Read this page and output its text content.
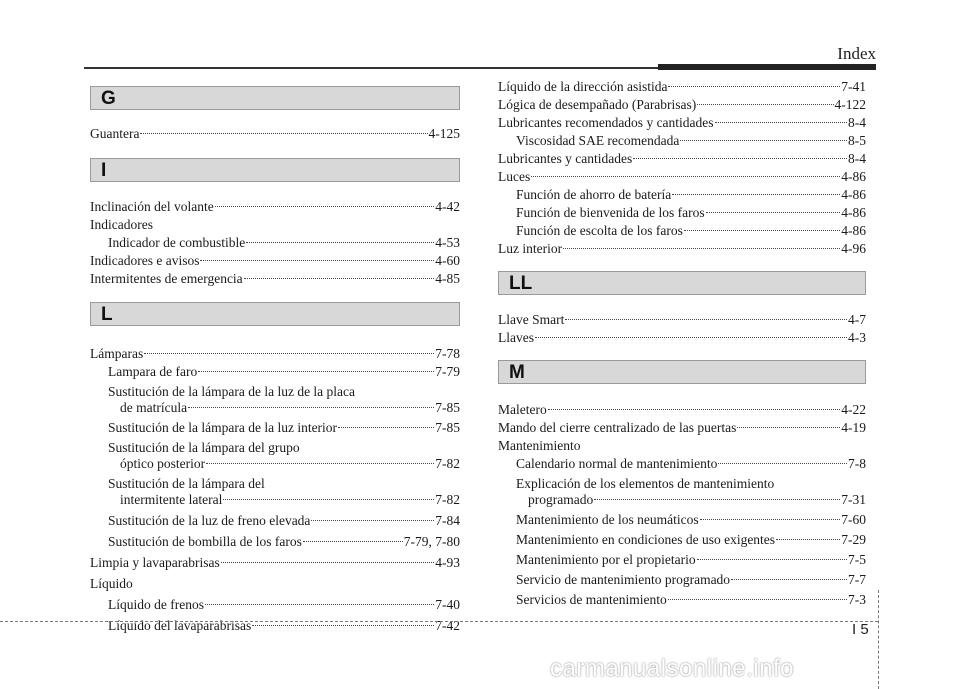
Index
G
Guantera	4-125
I
Inclinación del volante	4-42
Indicadores
Indicador de combustible	4-53
Indicadores e avisos	4-60
Intermitentes de emergencia	4-85
L
Lámparas	7-78
Lampara de faro	7-79
Sustitución de la lámpara de la luz de la placa
de matrícula	7-85
Sustitución de la lámpara de la luz interior	7-85
Sustitución de la lámpara del grupo
óptico posterior	7-82
Sustitución de la lámpara del
intermitente lateral	7-82
Sustitución de la luz de freno elevada	7-84
Sustitución de bombilla de los faros	7-79, 7-80
Limpia y lavaparabrisas	4-93
Líquido
Líquido de frenos	7-40
Líquido del lavaparabrisas	7-42
Líquido de la dirección asistida	7-41
Lógica de desempañado (Parabrisas)	4-122
Lubricantes recomendados y cantidades	8-4
Viscosidad SAE recomendada	8-5
Lubricantes y cantidades	8-4
Luces	4-86
Función de ahorro de batería	4-86
Función de bienvenida de los faros	4-86
Función de escolta de los faros	4-86
Luz interior	4-96
LL
Llave Smart	4-7
Llaves	4-3
M
Maletero	4-22
Mando del cierre centralizado de las puertas	4-19
Mantenimiento
Calendario normal de mantenimiento	7-8
Explicación de los elementos de mantenimiento
programado	7-31
Mantenimiento de los neumáticos	7-60
Mantenimiento en condiciones de uso exigentes	7-29
Mantenimiento por el propietario	7-5
Servicio de mantenimiento programado	7-7
Servicios de mantenimiento	7-3
I 5
carmanualsonline.info
